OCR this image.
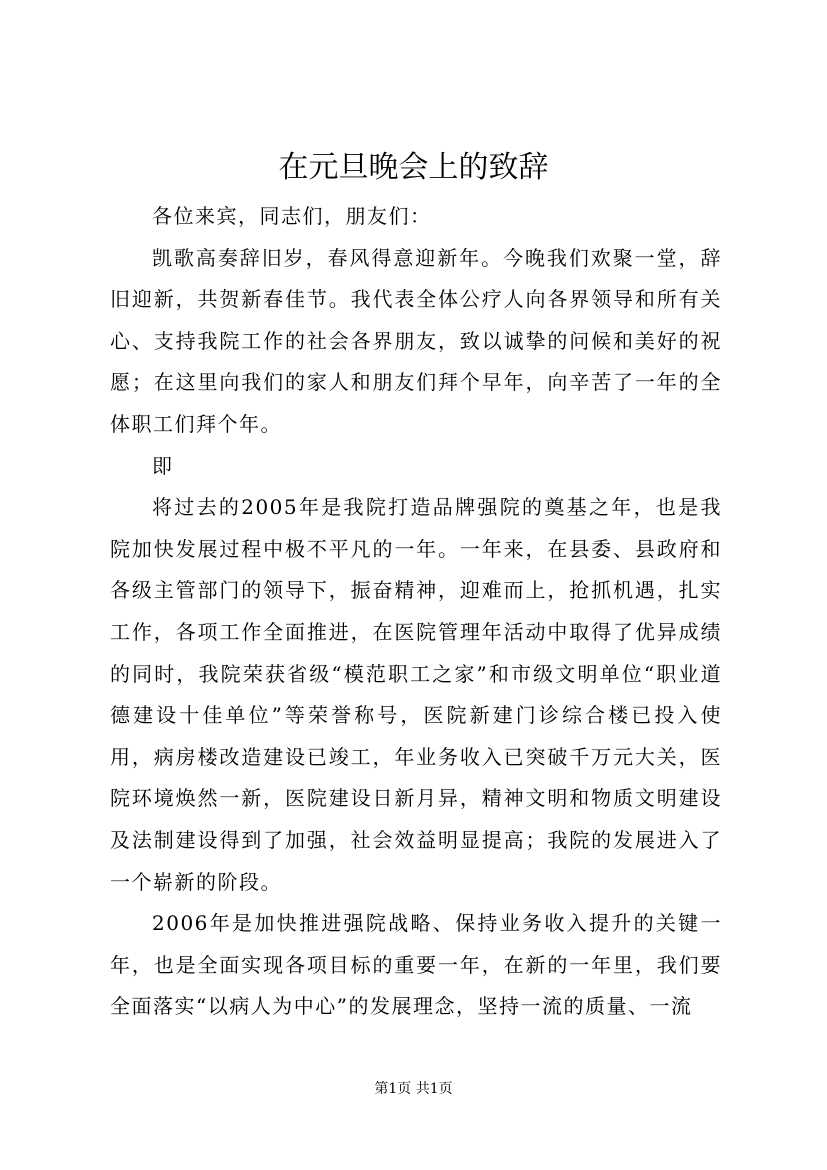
在元旦晚会上的致辞

各位来宾，同志们，朋友们：

凯歌高奏辞旧岁，春风得意迎新年。今晚我们欢聚一堂，辞旧迎新，共贺新春佳节。我代表全体公疗人向各界领导和所有关心、支持我院工作的社会各界朋友，致以诚挚的问候和美好的祝愿；在这里向我们的家人和朋友们拜个早年，向辛苦了一年的全体职工们拜个年。

即

将过去的2005年是我院打造品牌强院的奠基之年，也是我院加快发展过程中极不平凡的一年。一年来，在县委、县政府和各级主管部门的领导下，振奋精神，迎难而上，抢抓机遇，扎实工作，各项工作全面推进，在医院管理年活动中取得了优异成绩的同时，我院荣获省级“模范职工之家”和市级文明单位“职业道德建设十佳单位”等荣誉称号，医院新建门诊综合楼已投入使用，病房楼改造建设已竣工，年业务收入已突破千万元大关，医院环境焕然一新，医院建设日新月异，精神文明和物质文明建设及法制建设得到了加强，社会效益明显提高；我院的发展进入了一个崭新的阶段。

2006年是加快推进强院战略、保持业务收入提升的关键一年，也是全面实现各项目标的重要一年，在新的一年里，我们要全面落实“以病人为中心”的发展理念，坚持一流的质量、一流

第1页 共1页
